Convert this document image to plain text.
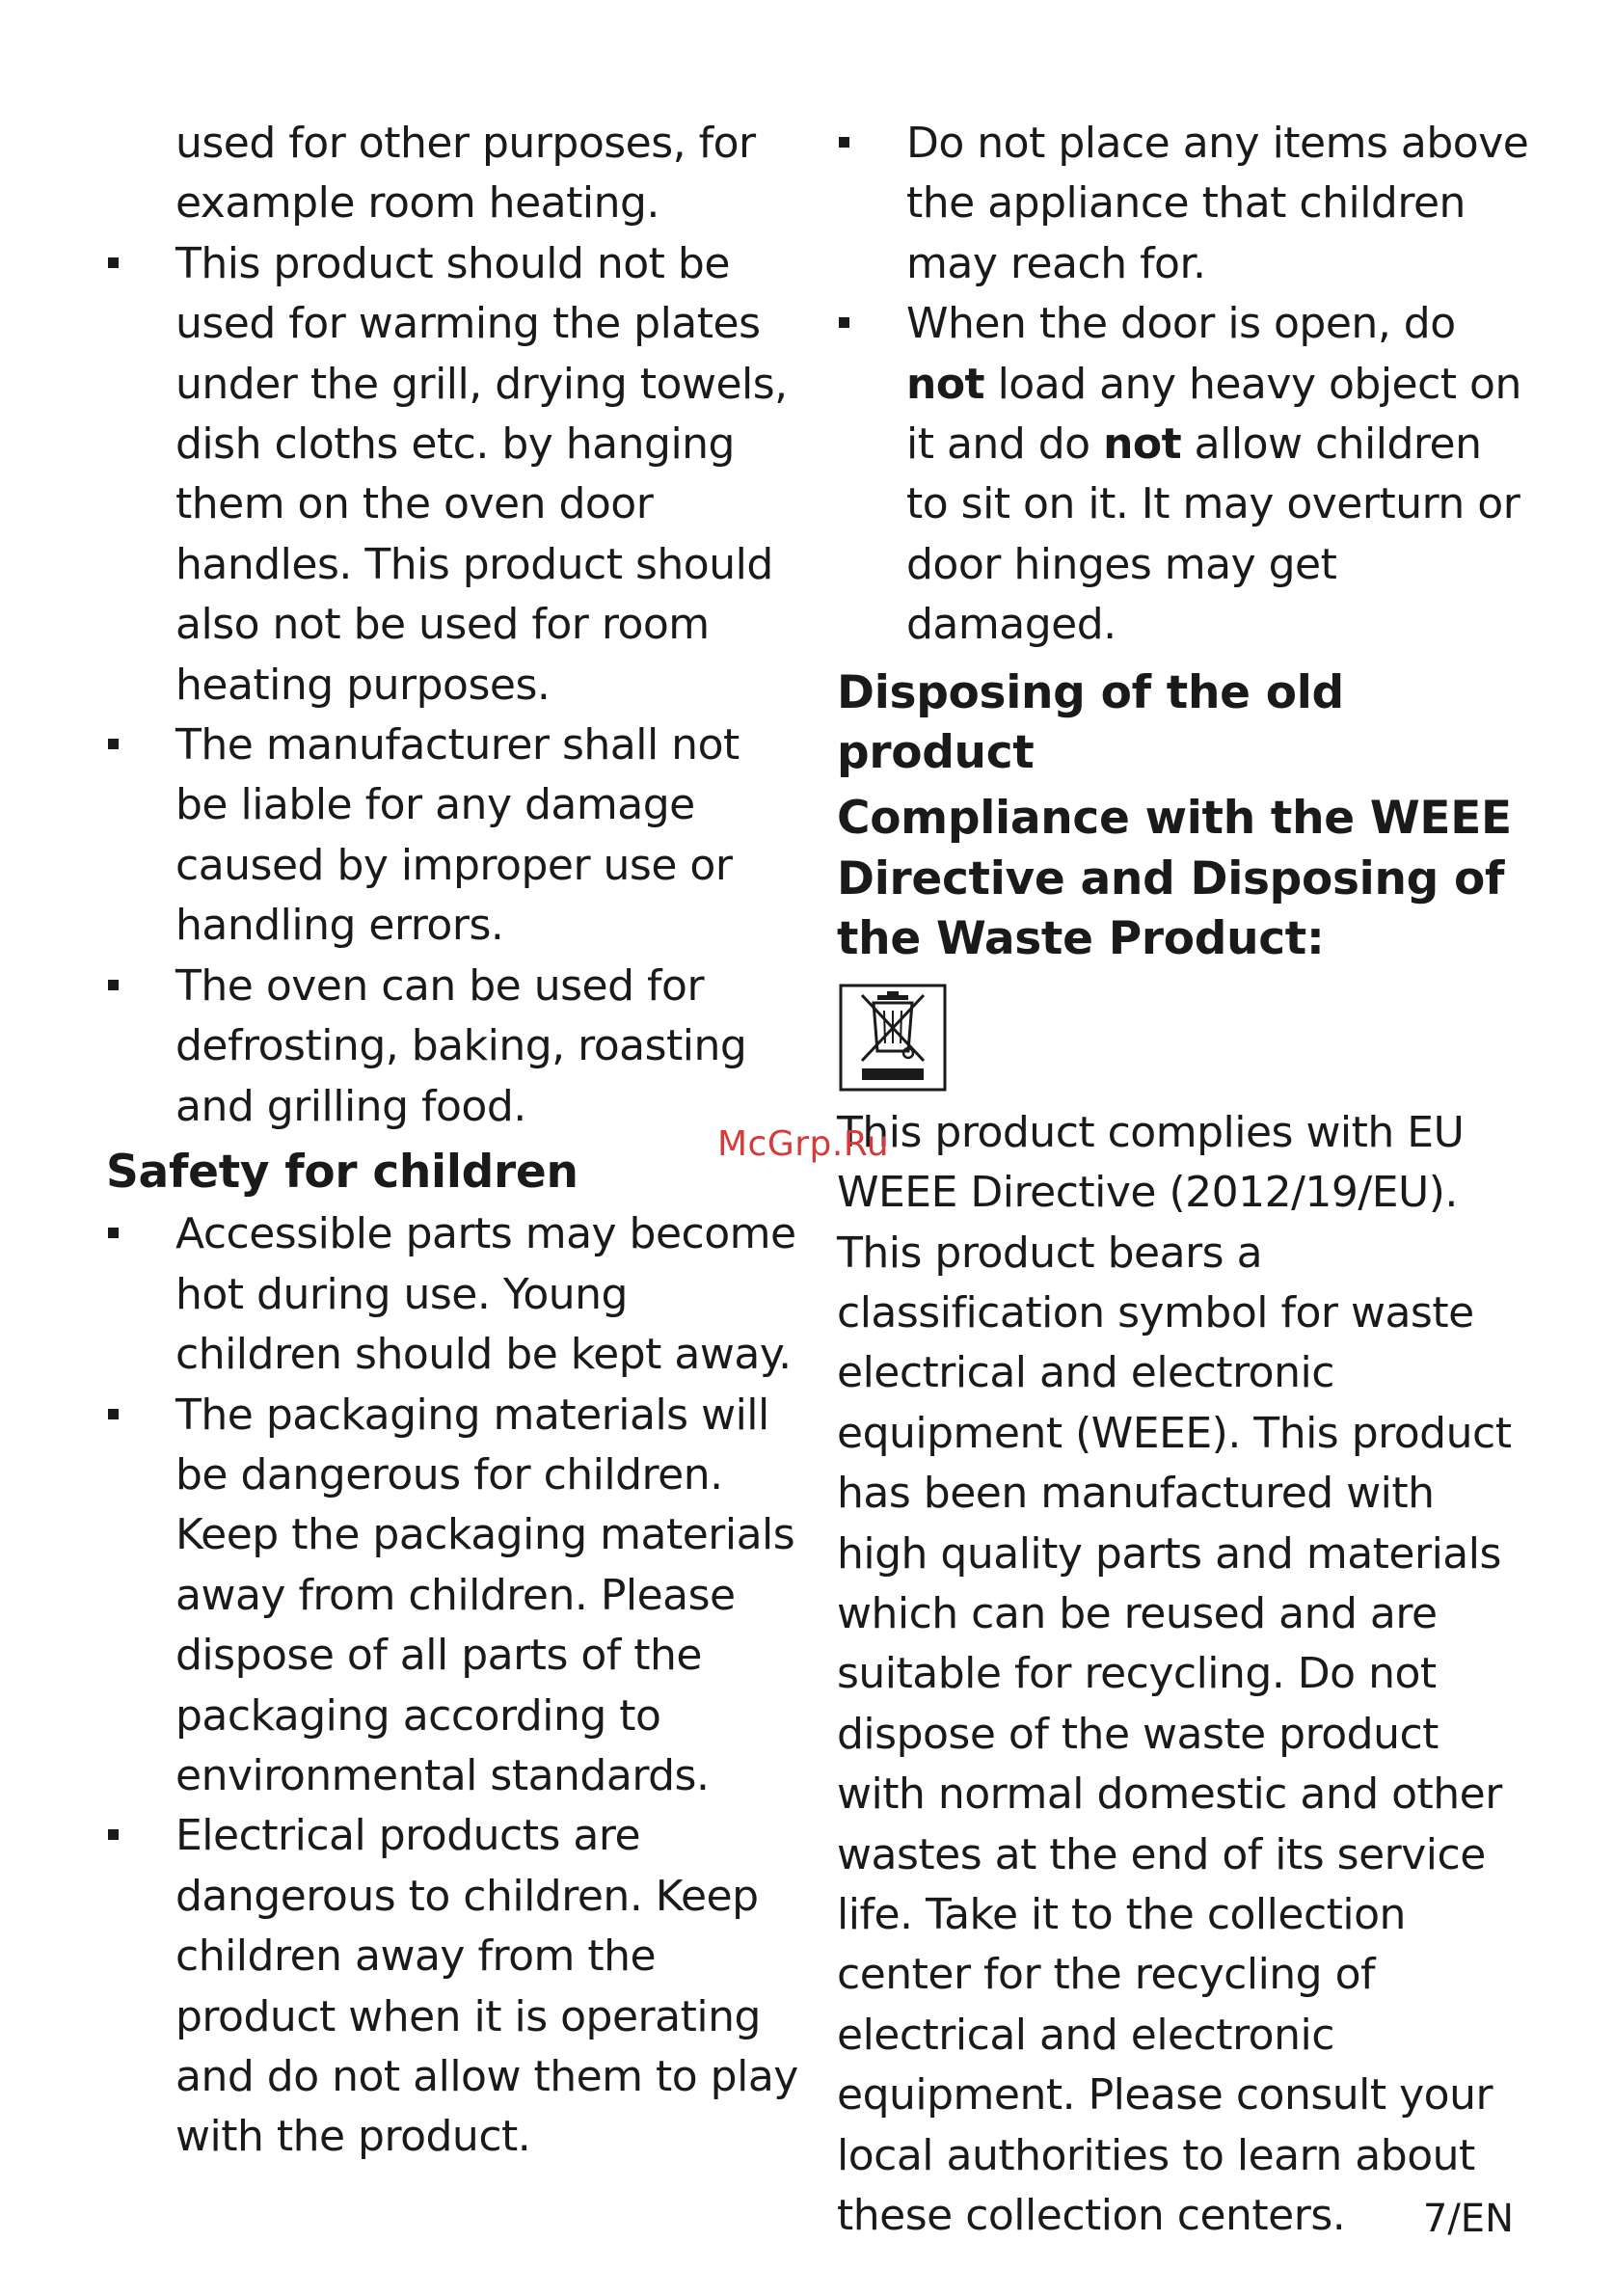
used for other purposes, for example room heating.

This product should not be used for warming the plates under the grill, drying towels, dish cloths etc. by hanging them on the oven door handles. This product should also not be used for room heating purposes.

The manufacturer shall not be liable for any damage caused by improper use or handling errors.

The oven can be used for defrosting, baking, roasting and grilling food.

Safety for children

Accessible parts may become hot during use. Young children should be kept away.

The packaging materials will be dangerous for children. Keep the packaging materials away from children. Please dispose of all parts of the packaging according to environmental standards.

Electrical products are dangerous to children. Keep children away from the product when it is operating and do not allow them to play with the product.

Do not place any items above the appliance that children may reach for.

When the door is open, do not load any heavy object on it and do not allow children to sit on it. It may overturn or door hinges may get damaged.

Disposing of the old product
Compliance with the WEEE Directive and Disposing of the Waste Product:

This product complies with EU WEEE Directive (2012/19/EU). This product bears a classification symbol for waste electrical and electronic equipment (WEEE). This product has been manufactured with high quality parts and materials which can be reused and are suitable for recycling. Do not dispose of the waste product with normal domestic and other wastes at the end of its service life. Take it to the collection center for the recycling of electrical and electronic equipment. Please consult your local authorities to learn about these collection centers.

McGrp.Ru
7/EN
